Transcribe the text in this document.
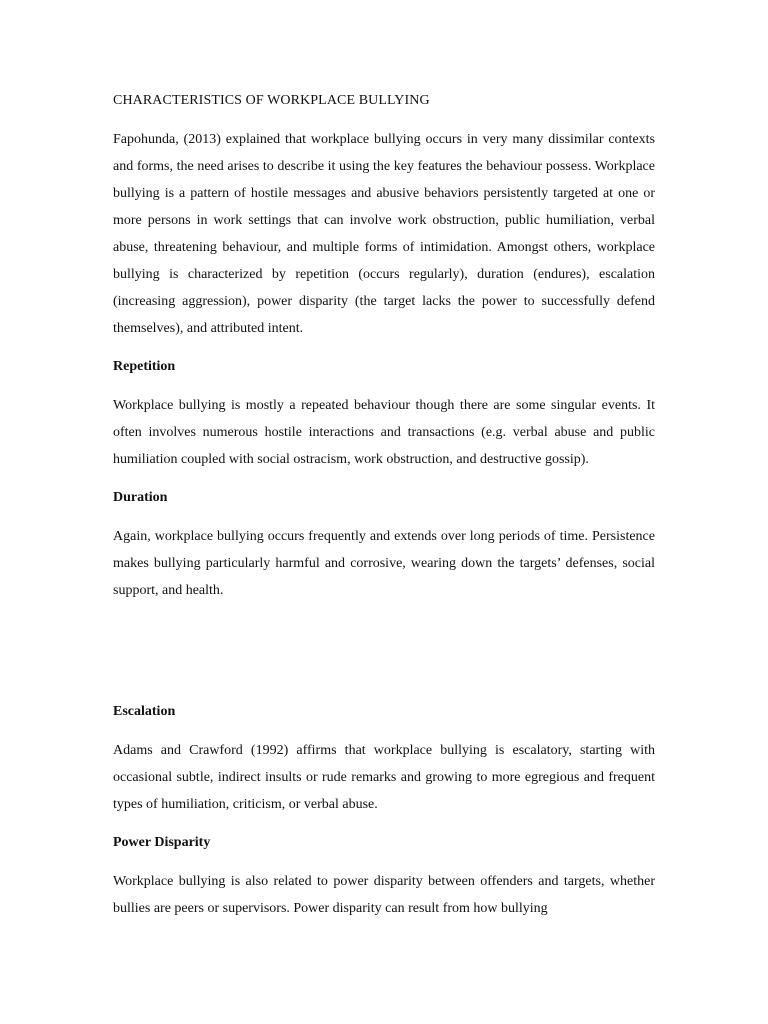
CHARACTERISTICS OF WORKPLACE BULLYING

Fapohunda, (2013) explained that workplace bullying occurs in very many dissimilar contexts and forms, the need arises to describe it using the key features the behaviour possess. Workplace bullying is a pattern of hostile messages and abusive behaviors persistently targeted at one or more persons in work settings that can involve work obstruction, public humiliation, verbal abuse, threatening behaviour, and multiple forms of intimidation. Amongst others, workplace bullying is characterized by repetition (occurs regularly), duration (endures), escalation (increasing aggression), power disparity (the target lacks the power to successfully defend themselves), and attributed intent.

Repetition

Workplace bullying is mostly a repeated behaviour though there are some singular events. It often involves numerous hostile interactions and transactions (e.g. verbal abuse and public humiliation coupled with social ostracism, work obstruction, and destructive gossip).

Duration

Again, workplace bullying occurs frequently and extends over long periods of time. Persistence makes bullying particularly harmful and corrosive, wearing down the targets’ defenses, social support, and health.

Escalation

Adams and Crawford (1992) affirms that workplace bullying is escalatory, starting with occasional subtle, indirect insults or rude remarks and growing to more egregious and frequent types of humiliation, criticism, or verbal abuse.

Power Disparity

Workplace bullying is also related to power disparity between offenders and targets, whether bullies are peers or supervisors. Power disparity can result from how bullying
